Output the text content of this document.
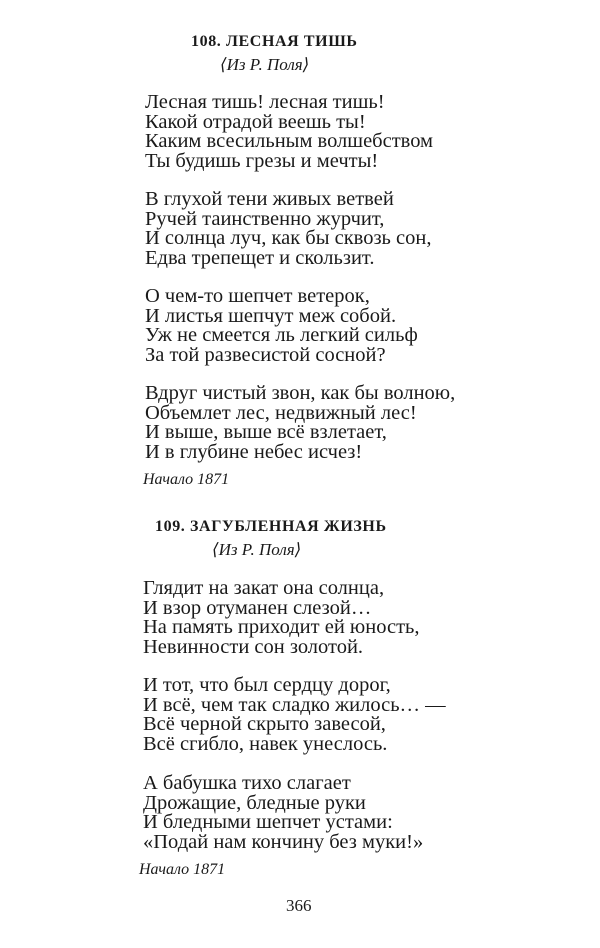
108. ЛЕСНАЯ ТИШЬ
⟨Из Р. Поля⟩
Лесная тишь! лесная тишь!
Какой отрадой веешь ты!
Каким всесильным волшебством
Ты будишь грезы и мечты!
В глухой тени живых ветвей
Ручей таинственно журчит,
И солнца луч, как бы сквозь сон,
Едва трепещет и скользит.
О чем-то шепчет ветерок,
И листья шепчут меж собой.
Уж не смеется ль легкий сильф
За той развесистой сосной?
Вдруг чистый звон, как бы волною,
Объемлет лес, недвижный лес!
И выше, выше всё взлетает,
И в глубине небес исчез!
Начало 1871
109. ЗАГУБЛЕННАЯ ЖИЗНЬ
⟨Из Р. Поля⟩
Глядит на закат она солнца,
И взор отуманен слезой…
На память приходит ей юность,
Невинности сон золотой.
И тот, что был сердцу дорог,
И всё, чем так сладко жилось… —
Всё черной скрыто завесой,
Всё сгибло, навек унеслось.
А бабушка тихо слагает
Дрожащие, бледные руки
И бледными шепчет устами:
«Подай нам кончину без муки!»
Начало 1871
366
